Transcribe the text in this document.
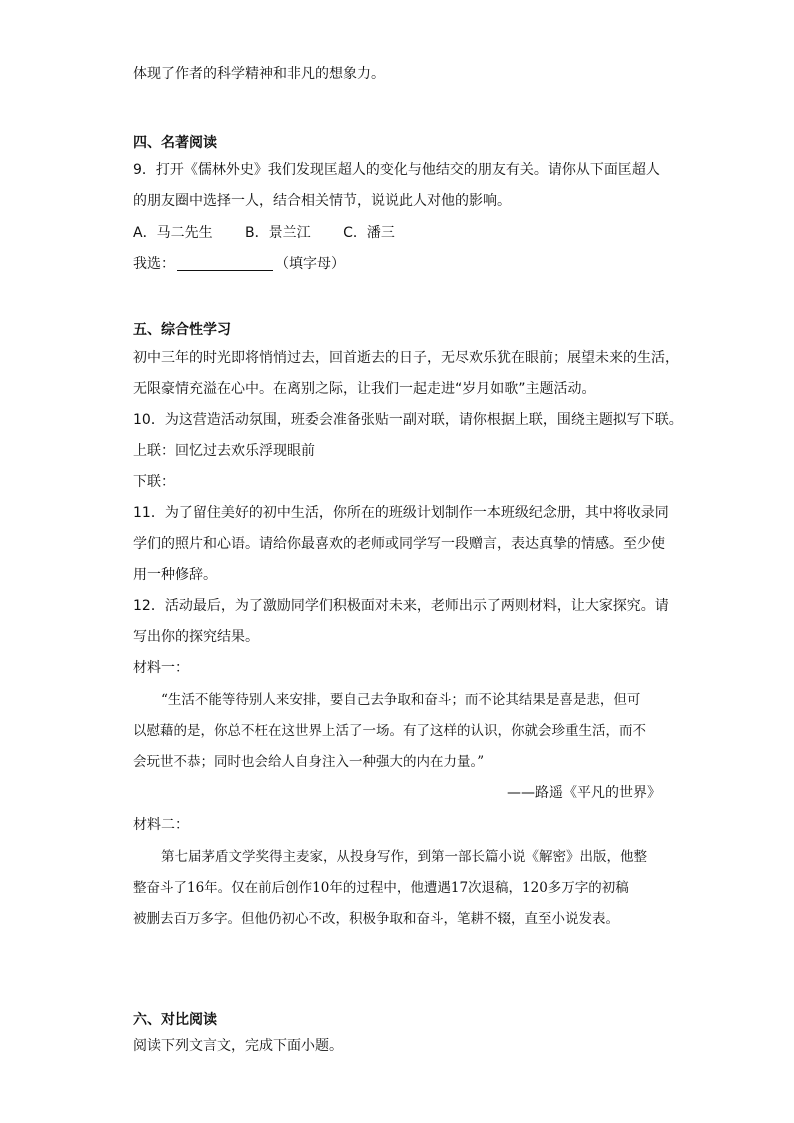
体现了作者的科学精神和非凡的想象力。
四、名著阅读
9．打开《儒林外史》我们发现匡超人的变化与他结交的朋友有关。请你从下面匡超人
的朋友圈中选择一人，结合相关情节，说说此人对他的影响。
A．马二先生 B．景兰江 C．潘三
我选：	（填字母）
五、综合性学习
初中三年的时光即将悄悄过去，回首逝去的日子，无尽欢乐犹在眼前；展望未来的生活，
无限豪情充溢在心中。在离别之际，让我们一起走进“岁月如歌”主题活动。
10．为这营造活动氛围，班委会准备张贴一副对联，请你根据上联，围绕主题拟写下联。
上联：回忆过去欢乐浮现眼前
下联：
11．为了留住美好的初中生活，你所在的班级计划制作一本班级纪念册，其中将收录同
学们的照片和心语。请给你最喜欢的老师或同学写一段赠言，表达真挚的情感。至少使
用一种修辞。
12．活动最后，为了激励同学们积极面对未来，老师出示了两则材料，让大家探究。请
写出你的探究结果。
材料一：
“生活不能等待别人来安排，要自己去争取和奋斗；而不论其结果是喜是悲，但可
以慰藉的是，你总不枉在这世界上活了一场。有了这样的认识，你就会珍重生活，而不
会玩世不恭；同时也会给人自身注入一种强大的内在力量。”
——路遥《平凡的世界》
材料二：
第七届茅盾文学奖得主麦家，从投身写作，到第一部长篇小说《解密》出版，他整
整奋斗了16年。仅在前后创作10年的过程中，他遭遇17次退稿，120多万字的初稿
被删去百万多字。但他仍初心不改，积极争取和奋斗，笔耕不辍，直至小说发表。
六、对比阅读
阅读下列文言文，完成下面小题。
